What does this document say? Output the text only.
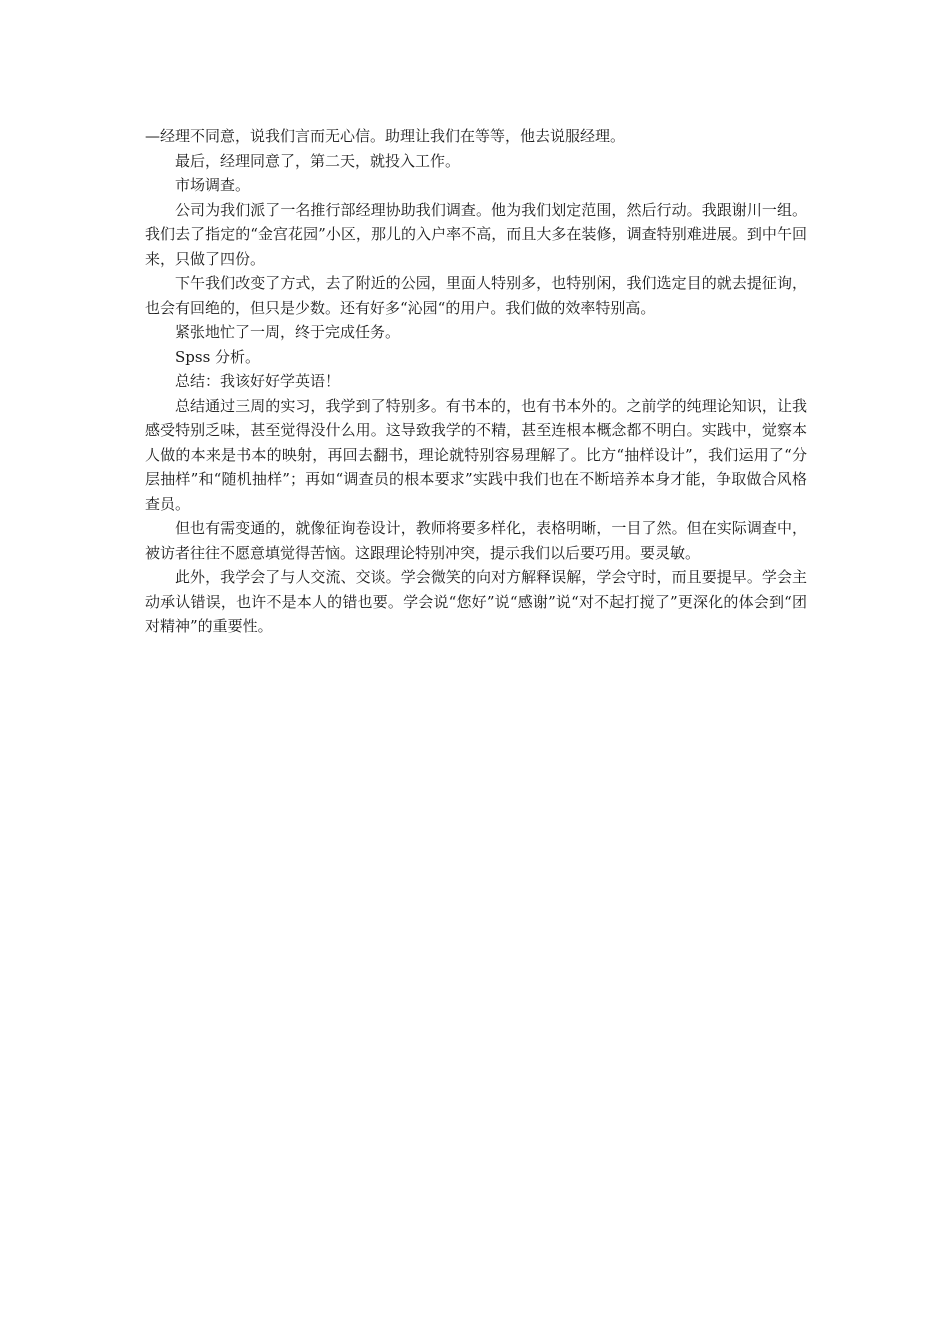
—经理不同意，说我们言而无心信。助理让我们在等等，他去说服经理。

最后，经理同意了，第二天，就投入工作。

市场调查。

公司为我们派了一名推行部经理协助我们调查。他为我们划定范围，然后行动。我跟谢川一组。我们去了指定的“金宫花园”小区，那儿的入户率不高，而且大多在装修，调查特别难进展。到中午回来，只做了四份。

下午我们改变了方式，去了附近的公园，里面人特别多，也特别闲，我们选定目的就去提征询，也会有回绝的，但只是少数。还有好多“沁园“的用户。我们做的效率特别高。

紧张地忙了一周，终于完成任务。

Spss 分析。

总结：我该好好学英语！

总结通过三周的实习，我学到了特别多。有书本的，也有书本外的。之前学的纯理论知识，让我感受特别乏味，甚至觉得没什么用。这导致我学的不精，甚至连根本概念都不明白。实践中，觉察本人做的本来是书本的映射，再回去翻书，理论就特别容易理解了。比方“抽样设计”，我们运用了“分层抽样”和“随机抽样”；再如“调查员的根本要求”实践中我们也在不断培养本身才能，争取做合风格查员。

但也有需变通的，就像征询卷设计，教师将要多样化，表格明晰，一目了然。但在实际调查中，被访者往往不愿意填觉得苦恼。这跟理论特别冲突，提示我们以后要巧用。要灵敏。

此外，我学会了与人交流、交谈。学会微笑的向对方解释误解，学会守时，而且要提早。学会主动承认错误，也许不是本人的错也要。学会说“您好”说“感谢”说“对不起打搅了”更深化的体会到“团对精神”的重要性。
